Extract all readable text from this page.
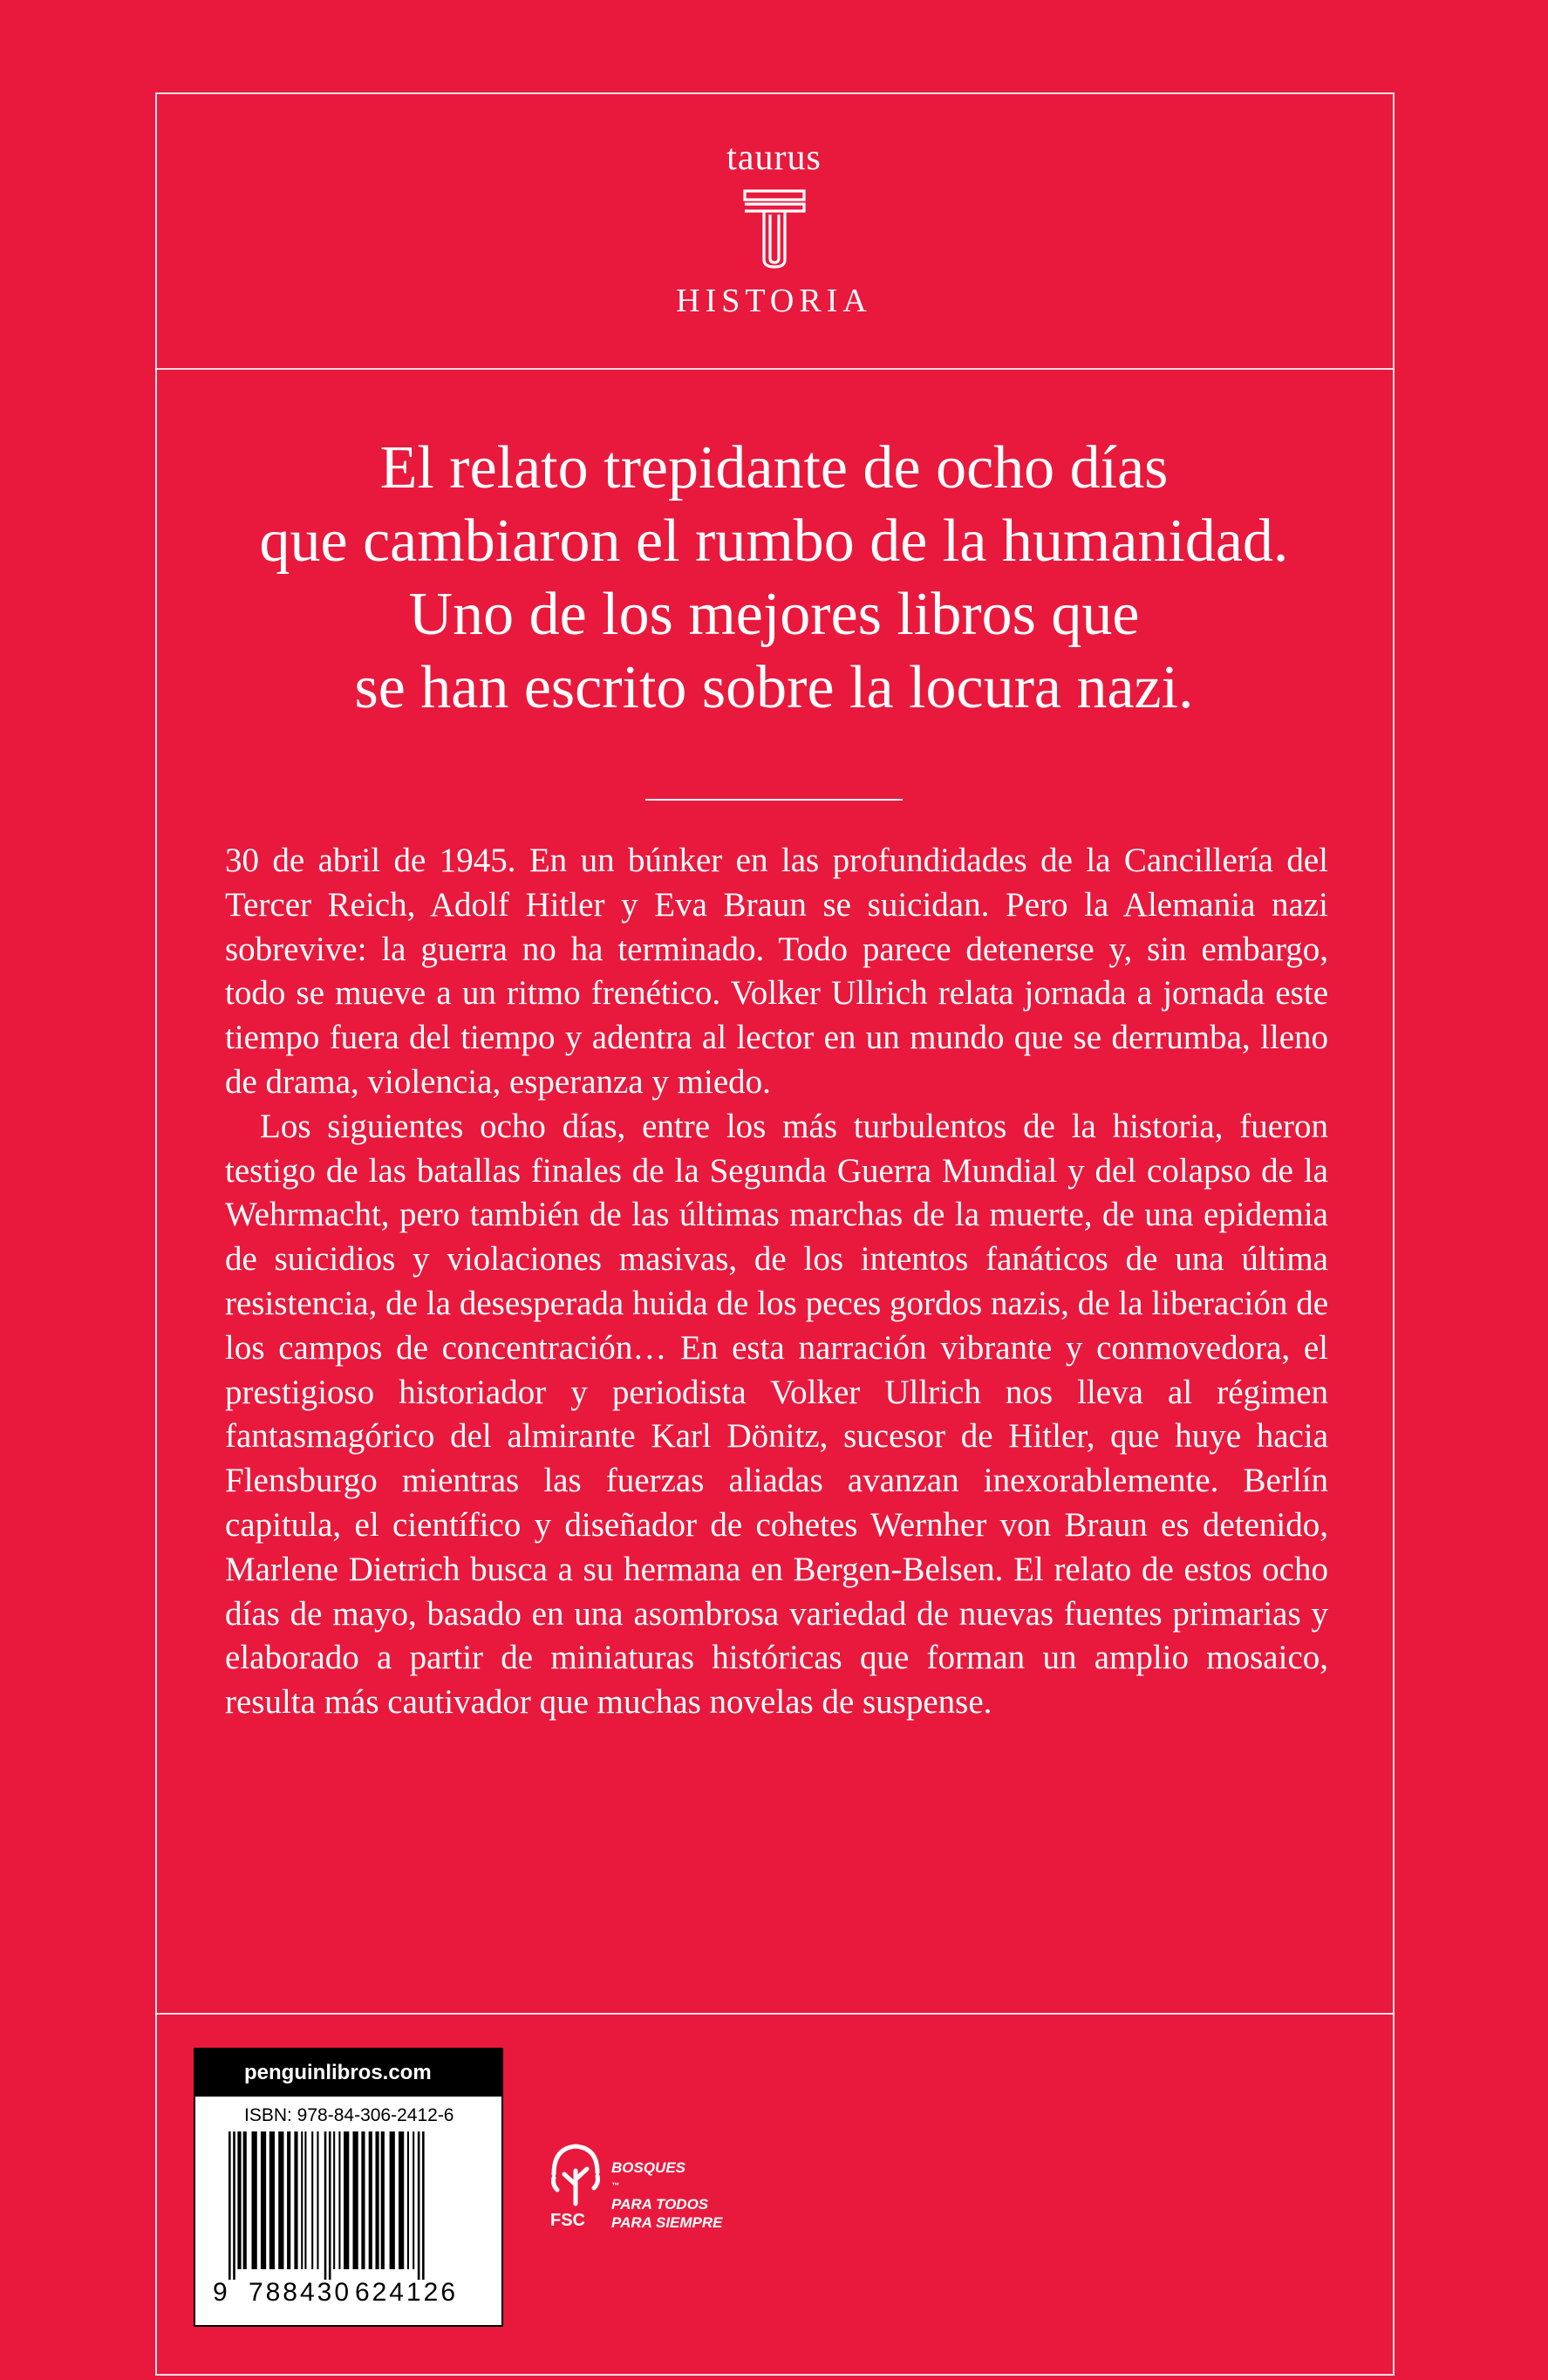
taurus
HISTORIA
El relato trepidante de ocho días
que cambiaron el rumbo de la humanidad.
Uno de los mejores libros que
se han escrito sobre la locura nazi.

30 de abril de 1945. En un búnker en las profundidades de la Cancillería del Tercer Reich, Adolf Hitler y Eva Braun se suicidan. Pero la Alemania nazi sobrevive: la guerra no ha terminado. Todo parece detenerse y, sin embargo, todo se mueve a un ritmo frenético. Volker Ullrich relata jornada a jornada este tiempo fuera del tiempo y adentra al lector en un mundo que se derrumba, lleno de drama, violencia, esperanza y miedo.

Los siguientes ocho días, entre los más turbulentos de la historia, fueron testigo de las batallas finales de la Segunda Guerra Mundial y del colapso de la Wehrmacht, pero también de las últimas marchas de la muerte, de una epidemia de suicidios y violaciones masivas, de los intentos fanáticos de una última resistencia, de la desesperada huida de los peces gordos nazis, de la liberación de los campos de concentración… En esta narración vibrante y conmovedora, el prestigioso historiador y periodista Volker Ullrich nos lleva al régimen fantasmagórico del almirante Karl Dönitz, sucesor de Hitler, que huye hacia Flensburgo mientras las fuerzas aliadas avanzan inexorablemente. Berlín capitula, el científico y diseñador de cohetes Wernher von Braun es detenido, Marlene Dietrich busca a su hermana en Bergen-Belsen. El relato de estos ocho días de mayo, basado en una asombrosa variedad de nuevas fuentes primarias y elaborado a partir de miniaturas históricas que forman un amplio mosaico, resulta más cautivador que muchas novelas de suspense.

penguinlibros.com
ISBN: 978-84-306-2412-6
9 788430 624126
FSC
BOSQUES
™
PARA TODOS
PARA SIEMPRE
